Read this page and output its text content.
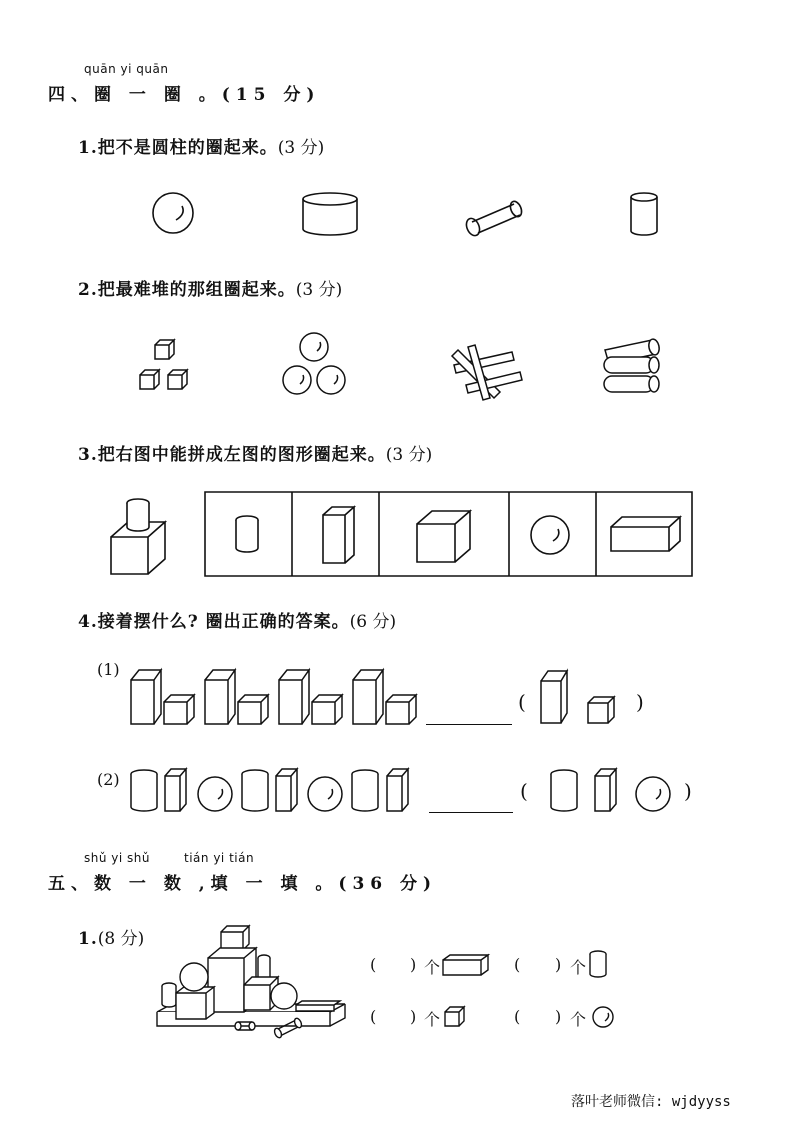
quān yi quān
四、圈 一 圈 。(15 分)
1.把不是圆柱的圈起来。(3 分)
2.把最难堆的那组圈起来。(3 分)
3.把右图中能拼成左图的图形圈起来。(3 分)
4.接着摆什么? 圈出正确的答案。(6 分)
(1)
(	)
(2)	(	)
shǔ yi shǔ	tián yi tián
五、数 一 数 ,填 一 填 。(36 分)
1.(8 分)
( ) 个	( ) 个
( ) 个	( ) 个
落叶老师微信: wjdyyss
